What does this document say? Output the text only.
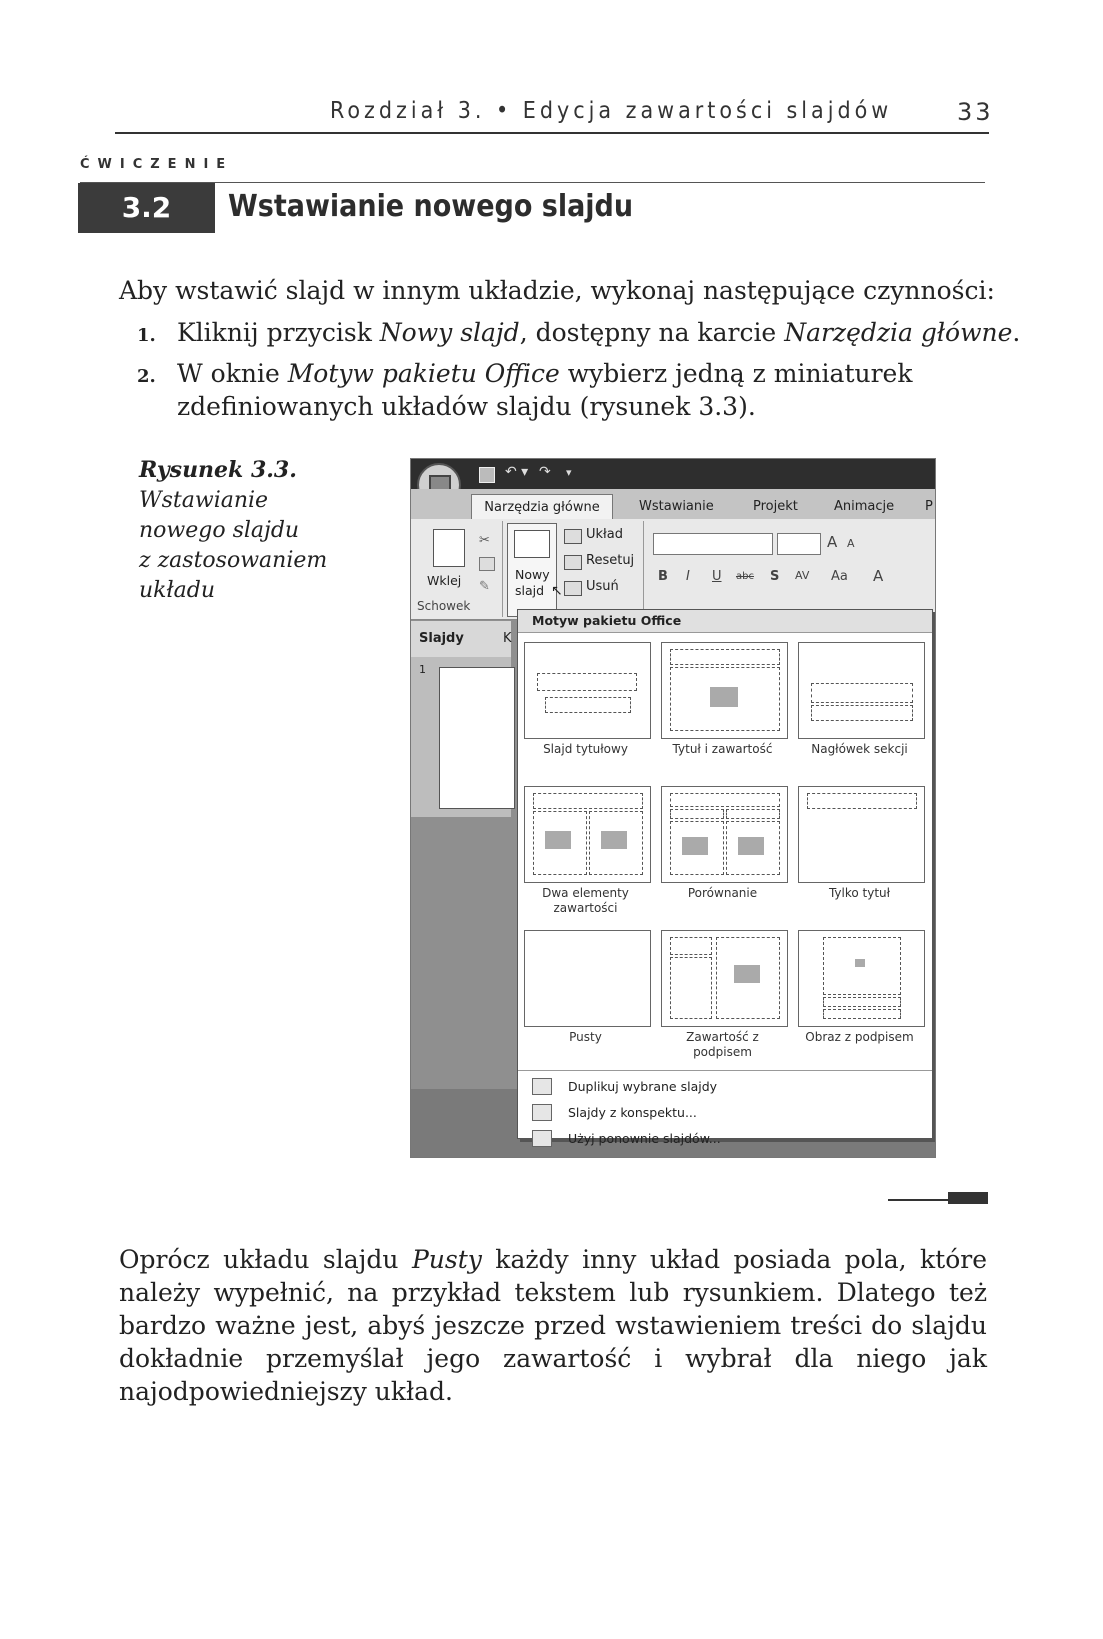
Rozdział 3. • Edycja zawartości slajdów	33
ĆWICZENIE
3.2	Wstawianie nowego slajdu
Aby wstawić slajd w innym układzie, wykonaj następujące czynności:
1. Kliknij przycisk Nowy slajd, dostępny na karcie Narzędzia główne.
2. W oknie Motyw pakietu Office wybierz jedną z miniaturek
zdefiniowanych układów slajdu (rysunek 3.3).
Rysunek 3.3.
Wstawianie
nowego slajdu
z zastosowaniem
układu
↶ ▾ ↷ ▾
Narzędzia główne	Wstawianie	Projekt	Animacje P
Wklej
✂
✎
Schowek
Nowy
slajd ↖
Układ
Resetuj
Usuń
A A
B I U abc S AV Aa A
Slajdy	K
1
Motyw pakietu Office
Slajd tytułowy	Tytuł i zawartość	Nagłówek sekcji
Dwa elementy zawartości
Porównanie	Tylko tytuł
Pusty	Zawartość z podpisem
Obraz z podpisem
Duplikuj wybrane slajdy
Slajdy z konspektu...
Użyj ponownie slajdów...
Oprócz układu slajdu Pusty każdy inny układ posiada pola, które należy wypełnić, na przykład tekstem lub rysunkiem. Dlatego też bardzo ważne jest, abyś jeszcze przed wstawieniem treści do slajdu dokładnie przemyślał jego zawartość i wybrał dla niego jak najodpowiedniejszy układ.
